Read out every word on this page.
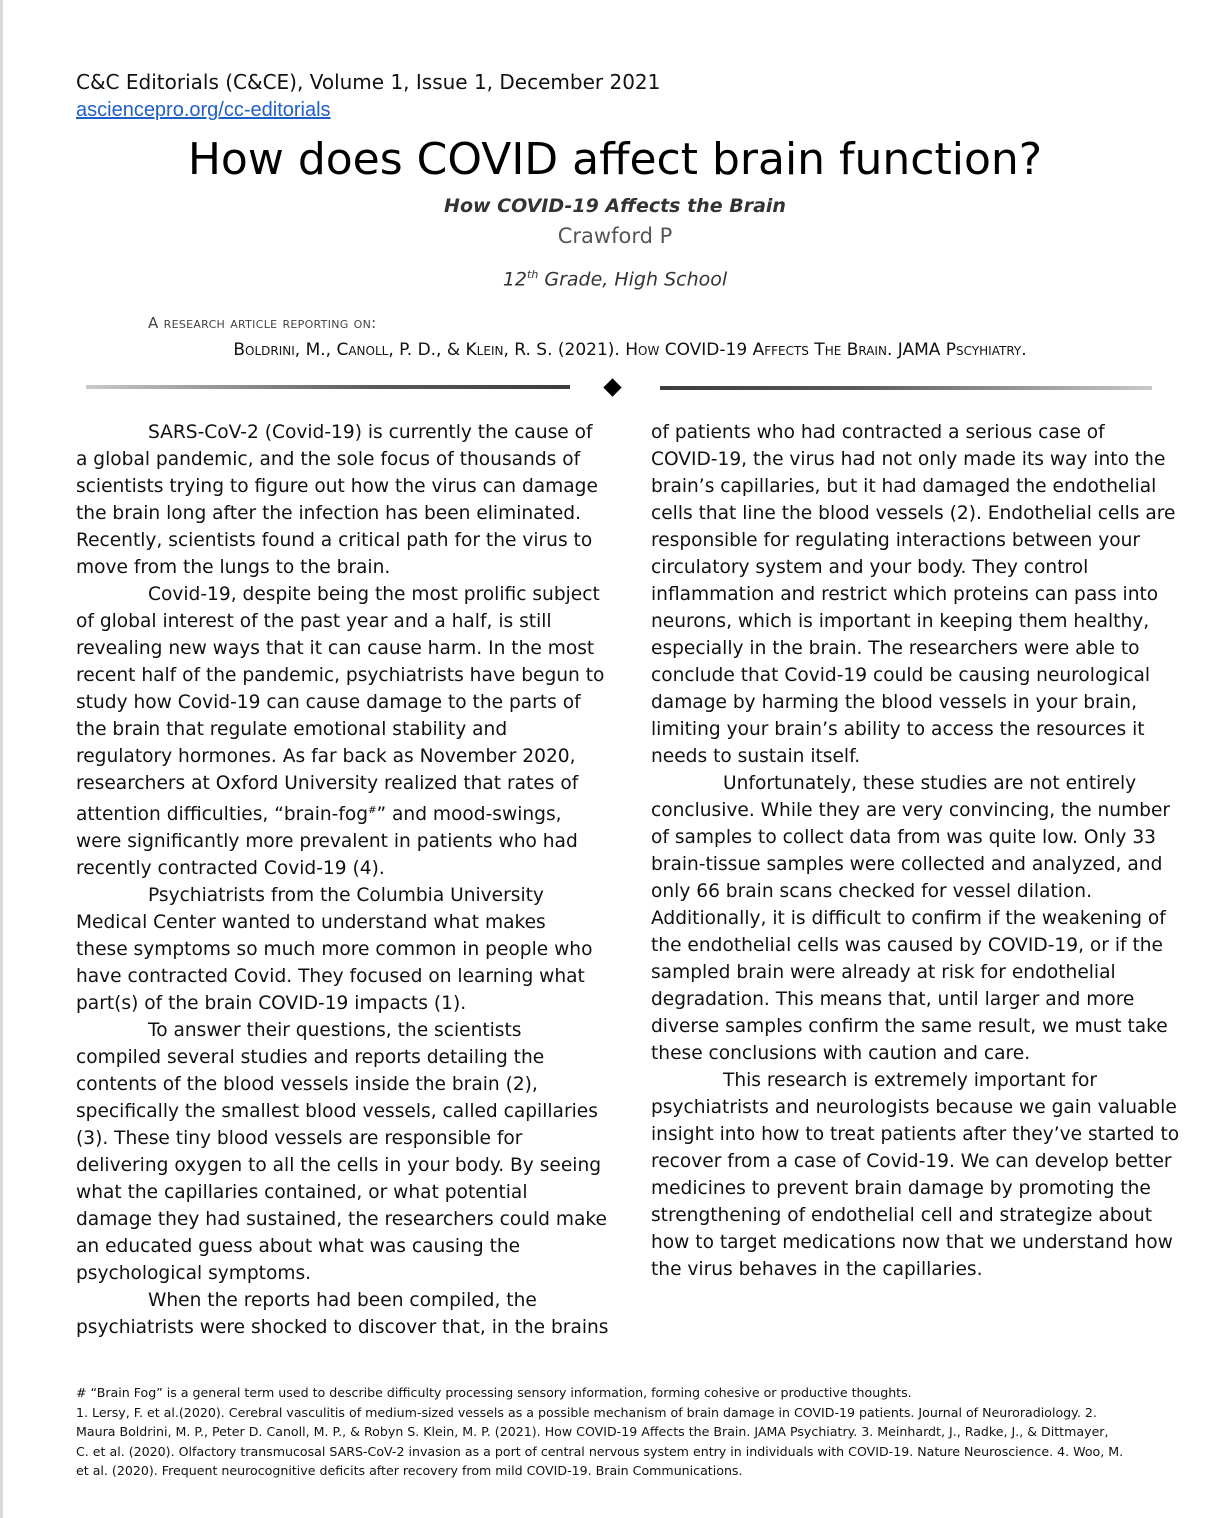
C&C Editorials (C&CE), Volume 1, Issue 1, December 2021
asciencepro.org/cc-editorials
How does COVID affect brain function?
How COVID-19 Affects the Brain
Crawford P
12th Grade, High School
A research article reporting on:
Boldrini, M., Canoll, P. D., & Klein, R. S. (2021). How COVID-19 Affects The Brain. JAMA Pscyhiatry.
SARS-CoV-2 (Covid-19) is currently the cause of
a global pandemic, and the sole focus of thousands of
scientists trying to figure out how the virus can damage
the brain long after the infection has been eliminated.
Recently, scientists found a critical path for the virus to
move from the lungs to the brain.
Covid-19, despite being the most prolific subject
of global interest of the past year and a half, is still
revealing new ways that it can cause harm. In the most
recent half of the pandemic, psychiatrists have begun to
study how Covid-19 can cause damage to the parts of
the brain that regulate emotional stability and
regulatory hormones. As far back as November 2020,
researchers at Oxford University realized that rates of
attention difficulties, “brain-fog#” and mood-swings,
were significantly more prevalent in patients who had
recently contracted Covid-19 (4).
Psychiatrists from the Columbia University
Medical Center wanted to understand what makes
these symptoms so much more common in people who
have contracted Covid. They focused on learning what
part(s) of the brain COVID-19 impacts (1).
To answer their questions, the scientists
compiled several studies and reports detailing the
contents of the blood vessels inside the brain (2),
specifically the smallest blood vessels, called capillaries
(3). These tiny blood vessels are responsible for
delivering oxygen to all the cells in your body. By seeing
what the capillaries contained, or what potential
damage they had sustained, the researchers could make
an educated guess about what was causing the
psychological symptoms.
When the reports had been compiled, the
psychiatrists were shocked to discover that, in the brains
of patients who had contracted a serious case of
COVID-19, the virus had not only made its way into the
brain’s capillaries, but it had damaged the endothelial
cells that line the blood vessels (2). Endothelial cells are
responsible for regulating interactions between your
circulatory system and your body. They control
inflammation and restrict which proteins can pass into
neurons, which is important in keeping them healthy,
especially in the brain. The researchers were able to
conclude that Covid-19 could be causing neurological
damage by harming the blood vessels in your brain,
limiting your brain’s ability to access the resources it
needs to sustain itself.
Unfortunately, these studies are not entirely
conclusive. While they are very convincing, the number
of samples to collect data from was quite low. Only 33
brain-tissue samples were collected and analyzed, and
only 66 brain scans checked for vessel dilation.
Additionally, it is difficult to confirm if the weakening of
the endothelial cells was caused by COVID-19, or if the
sampled brain were already at risk for endothelial
degradation. This means that, until larger and more
diverse samples confirm the same result, we must take
these conclusions with caution and care.
This research is extremely important for
psychiatrists and neurologists because we gain valuable
insight into how to treat patients after they’ve started to
recover from a case of Covid-19. We can develop better
medicines to prevent brain damage by promoting the
strengthening of endothelial cell and strategize about
how to target medications now that we understand how
the virus behaves in the capillaries.
# “Brain Fog” is a general term used to describe difficulty processing sensory information, forming cohesive or productive thoughts.
1. Lersy, F. et al.(2020). Cerebral vasculitis of medium-sized vessels as a possible mechanism of brain damage in COVID-19 patients. Journal of Neuroradiology. 2.
Maura Boldrini, M. P., Peter D. Canoll, M. P., & Robyn S. Klein, M. P. (2021). How COVID-19 Affects the Brain. JAMA Psychiatry. 3. Meinhardt, J., Radke, J., & Dittmayer,
C. et al. (2020). Olfactory transmucosal SARS-CoV-2 invasion as a port of central nervous system entry in individuals with COVID-19. Nature Neuroscience. 4. Woo, M.
et al. (2020). Frequent neurocognitive deficits after recovery from mild COVID-19. Brain Communications.
